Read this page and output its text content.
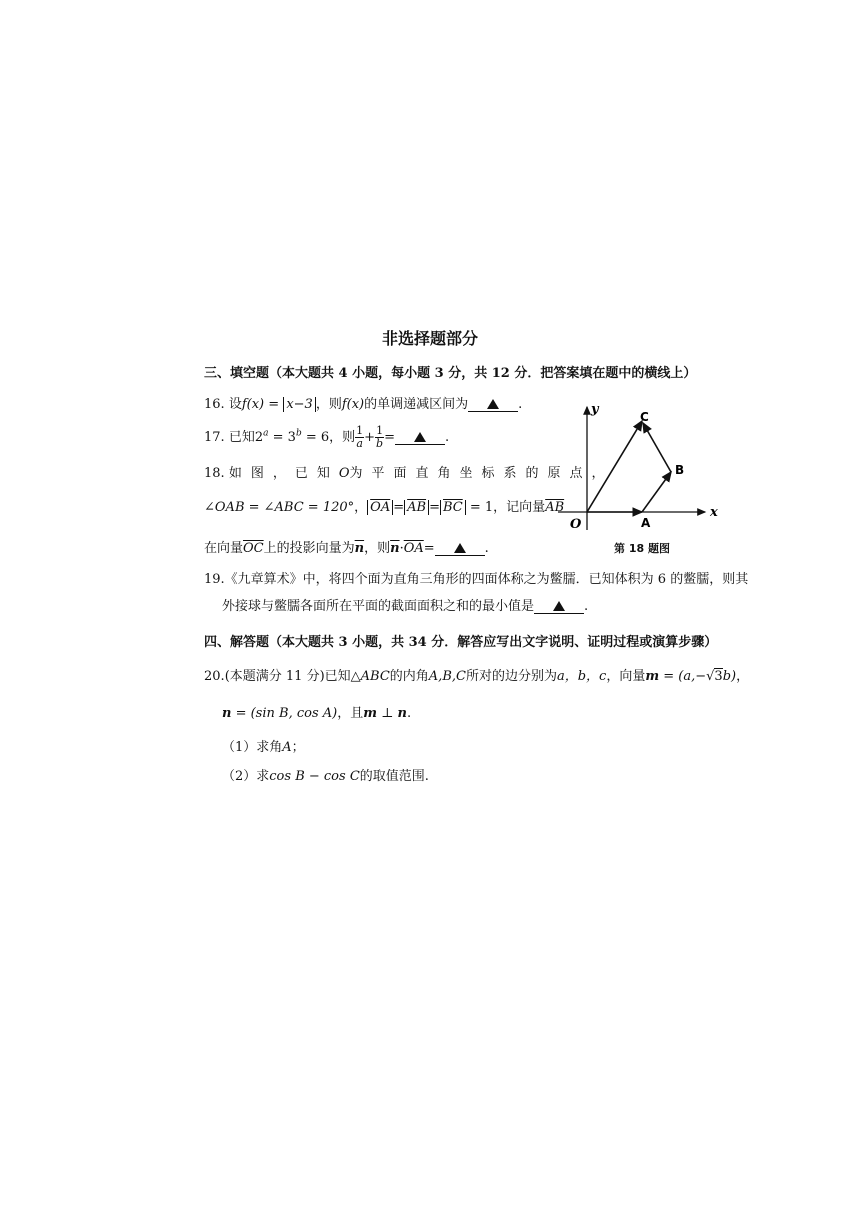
非选择题部分
三、填空题（本大题共 4 小题，每小题 3 分，共 12 分．把答案填在题中的横线上）
16. 设f(x) = x−3 ，则f(x)的单调递减区间为	.
17. 已知$2^a = 3^b = 6$，则 $\frac{1}{a} + \frac{1}{b}$ =	.
18. 如图，已知O为平面直角坐标系的原点，
∠OAB = ∠ABC = 120°， $\overline{OA} = \overline{AB} = \overline{BC} = 1$，记向量$\overline{AB}$
在向量$\overline{OC}$上的投影向量为$\overline{n}$，则$\overline{n}\cdot\overline{OA}=$	.
y
x
O	A
B
C
第 18 题图
19.《九章算术》中，将四个面为直角三角形的四面体称之为鳖臑．已知体积为 6 的鳖臑，则其
外接球与鳖臑各面所在平面的截面面积之和的最小值是	.
四、解答题（本大题共 3 小题，共 34 分．解答应写出文字说明、证明过程或演算步骤）
20.(本题满分 11 分)已知△ABC的内角A,B,C所对的边分别为a，b，c，向量m = (a,−√3b)，
n = (sin B, cos A)，且m ⊥ n.
（1）求角A；
（2）求cos B − cos C的取值范围.
